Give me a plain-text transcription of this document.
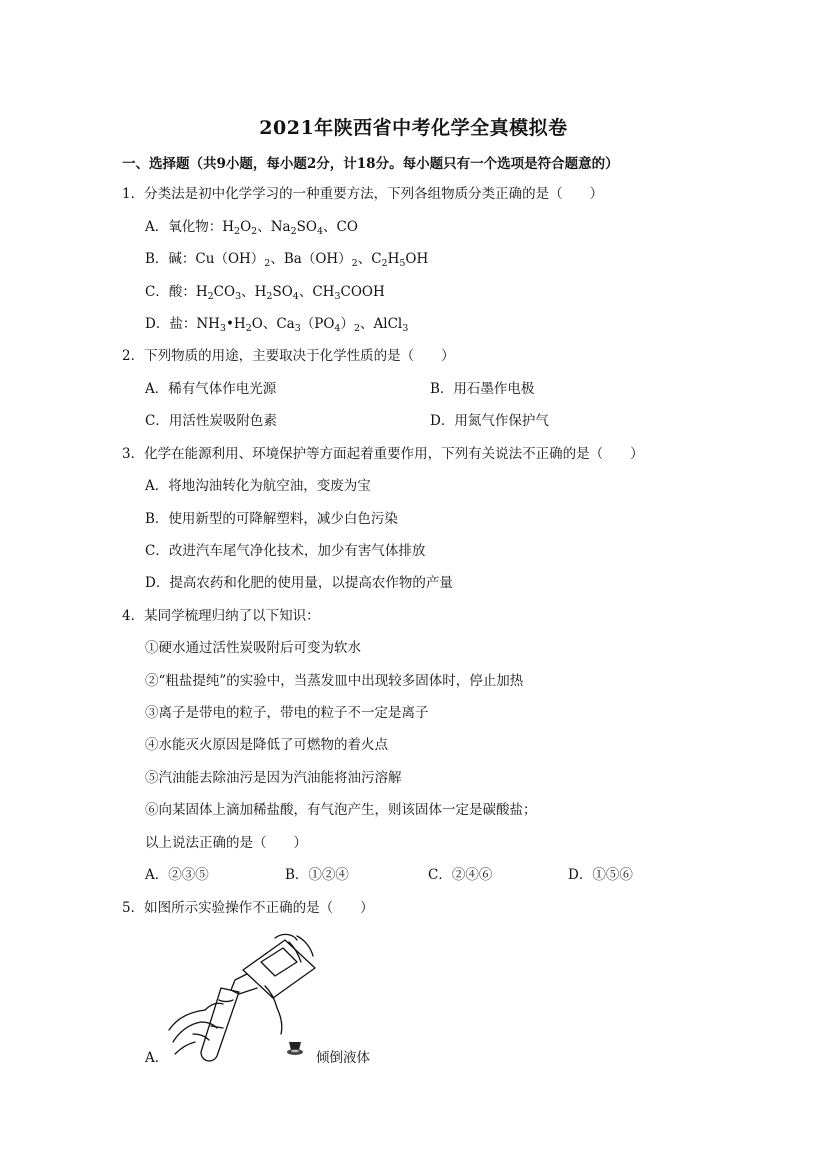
2021年陕西省中考化学全真模拟卷
一、选择题（共9小题，每小题2分，计18分。每小题只有一个选项是符合题意的）
1．分类法是初中化学学习的一种重要方法，下列各组物质分类正确的是（　　）
A．氧化物：$H_2O_2$、$Na_2SO_4$、CO
B．碱：$Cu(OH)_2$、$Ba(OH)_2$、$C_2H_5OH$
C．酸：$H_2CO_3$、$H_2SO_4$、$CH_3COOH$
D．盐：$NH_3•H_2O$、$Ca_3(PO_4)_2$、AlCl$_3$
2．下列物质的用途，主要取决于化学性质的是（　　）
A．稀有气体作电光源	B．用石墨作电极
C．用活性炭吸附色素	D．用氮气作保护气
3．化学在能源利用、环境保护等方面起着重要作用，下列有关说法不正确的是（　　）
A．将地沟油转化为航空油，变废为宝
B．使用新型的可降解塑料，减少白色污染
C．改进汽车尾气净化技术，加少有害气体排放
D．提高农药和化肥的使用量，以提高农作物的产量
4．某同学梳理归纳了以下知识：
①硬水通过活性炭吸附后可变为软水
②“粗盐提纯”的实验中，当蒸发皿中出现较多固体时，停止加热
③离子是带电的粒子，带电的粒子不一定是离子
④水能灭火原因是降低了可燃物的着火点
⑤汽油能去除油污是因为汽油能将油污溶解
⑥向某固体上滴加稀盐酸，有气泡产生，则该固体一定是碳酸盐；
以上说法正确的是（　　）
A．②③⑤	B．①②④	C．②④⑥	D．①⑤⑥
5．如图所示实验操作不正确的是（　　）
A．	倾倒液体
